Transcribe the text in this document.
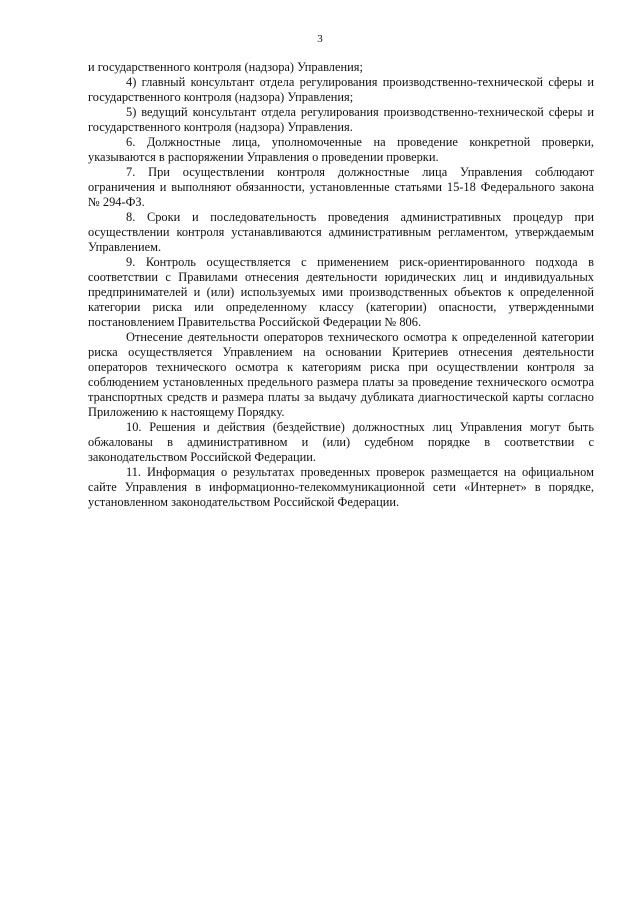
3

и государственного контроля (надзора) Управления;

4) главный консультант отдела регулирования производственно-технической сферы и государственного контроля (надзора) Управления;

5) ведущий консультант отдела регулирования производственно-технической сферы и государственного контроля (надзора) Управления.

6. Должностные лица, уполномоченные на проведение конкретной проверки, указываются в распоряжении Управления о проведении проверки.

7. При осуществлении контроля должностные лица Управления соблюдают ограничения и выполняют обязанности, установленные статьями 15-18 Федерального закона № 294-ФЗ.

8. Сроки и последовательность проведения административных процедур при осуществлении контроля устанавливаются административным регламентом, утверждаемым Управлением.

9. Контроль осуществляется с применением риск-ориентированного подхода в соответствии с Правилами отнесения деятельности юридических лиц и индивидуальных предпринимателей и (или) используемых ими производственных объектов к определенной категории риска или определенному классу (категории) опасности, утвержденными постановлением Правительства Российской Федерации № 806.

Отнесение деятельности операторов технического осмотра к определенной категории риска осуществляется Управлением на основании Критериев отнесения деятельности операторов технического осмотра к категориям риска при осуществлении контроля за соблюдением установленных предельного размера платы за проведение технического осмотра транспортных средств и размера платы за выдачу дубликата диагностической карты согласно Приложению к настоящему Порядку.

10. Решения и действия (бездействие) должностных лиц Управления могут быть обжалованы в административном и (или) судебном порядке в соответствии с законодательством Российской Федерации.

11. Информация о результатах проведенных проверок размещается на официальном сайте Управления в информационно-телекоммуникационной сети «Интернет» в порядке, установленном законодательством Российской Федерации.
